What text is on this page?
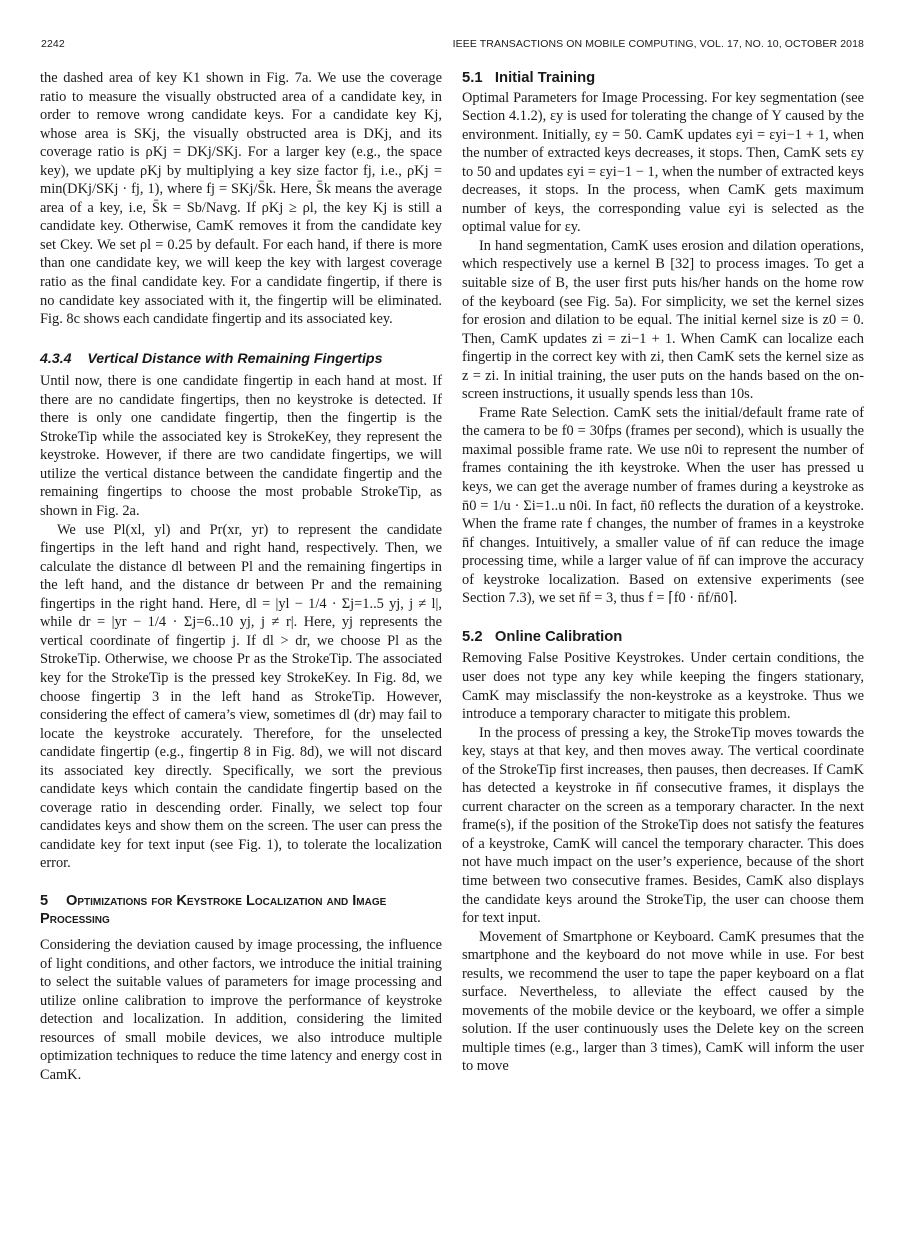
2242	IEEE TRANSACTIONS ON MOBILE COMPUTING, VOL. 17, NO. 10, OCTOBER 2018

the dashed area of key K1 shown in Fig. 7a. We use the coverage ratio to measure the visually obstructed area of a candidate key, in order to remove wrong candidate keys. For a candidate key Kj, whose area is SKj, the visually obstructed area is DKj, and its coverage ratio is ρKj = DKj/SKj. For a larger key (e.g., the space key), we update ρKj by multiplying a key size factor fj, i.e., ρKj = min(DKj/SKj · fj, 1), where fj = SKj/S̄k. Here, S̄k means the average area of a key, i.e, S̄k = Sb/Navg. If ρKj ≥ ρl, the key Kj is still a candidate key. Otherwise, CamK removes it from the candidate key set Ckey. We set ρl = 0.25 by default. For each hand, if there is more than one candidate key, we will keep the key with largest coverage ratio as the final candidate key. For a candidate fingertip, if there is no candidate key associated with it, the fingertip will be eliminated. Fig. 8c shows each candidate fingertip and its associated key.

4.3.4 Vertical Distance with Remaining Fingertips

Until now, there is one candidate fingertip in each hand at most. If there are no candidate fingertips, then no keystroke is detected. If there is only one candidate fingertip, then the fingertip is the StrokeTip while the associated key is StrokeKey, they represent the keystroke. However, if there are two candidate fingertips, we will utilize the vertical distance between the candidate fingertip and the remaining fingertips to choose the most probable StrokeTip, as shown in Fig. 2a.

We use Pl(xl, yl) and Pr(xr, yr) to represent the candidate fingertips in the left hand and right hand, respectively. Then, we calculate the distance dl between Pl and the remaining fingertips in the left hand, and the distance dr between Pr and the remaining fingertips in the right hand. Here, dl = |yl − 1/4 · Σj=1..5 yj, j ≠ l|, while dr = |yr − 1/4 · Σj=6..10 yj, j ≠ r|. Here, yj represents the vertical coordinate of fingertip j. If dl > dr, we choose Pl as the StrokeTip. Otherwise, we choose Pr as the StrokeTip. The associated key for the StrokeTip is the pressed key StrokeKey. In Fig. 8d, we choose fingertip 3 in the left hand as StrokeTip. However, considering the effect of camera’s view, sometimes dl (dr) may fail to locate the keystroke accurately. Therefore, for the unselected candidate fingertip (e.g., fingertip 8 in Fig. 8d), we will not discard its associated key directly. Specifically, we sort the previous candidate keys which contain the candidate fingertip based on the coverage ratio in descending order. Finally, we select top four candidates keys and show them on the screen. The user can press the candidate key for text input (see Fig. 1), to tolerate the localization error.

5 Optimizations for Keystroke Localization and Image Processing

Considering the deviation caused by image processing, the influence of light conditions, and other factors, we introduce the initial training to select the suitable values of parameters for image processing and utilize online calibration to improve the performance of keystroke detection and localization. In addition, considering the limited resources of small mobile devices, we also introduce multiple optimization techniques to reduce the time latency and energy cost in CamK.

5.1 Initial Training

Optimal Parameters for Image Processing. For key segmentation (see Section 4.1.2), εy is used for tolerating the change of Y caused by the environment. Initially, εy = 50. CamK updates εyi = εyi−1 + 1, when the number of extracted keys decreases, it stops. Then, CamK sets εy to 50 and updates εyi = εyi−1 − 1, when the number of extracted keys decreases, it stops. In the process, when CamK gets maximum number of keys, the corresponding value εyi is selected as the optimal value for εy.

In hand segmentation, CamK uses erosion and dilation operations, which respectively use a kernel B [32] to process images. To get a suitable size of B, the user first puts his/her hands on the home row of the keyboard (see Fig. 5a). For simplicity, we set the kernel sizes for erosion and dilation to be equal. The initial kernel size is z0 = 0. Then, CamK updates zi = zi−1 + 1. When CamK can localize each fingertip in the correct key with zi, then CamK sets the kernel size as z = zi. In initial training, the user puts on the hands based on the on-screen instructions, it usually spends less than 10s.

Frame Rate Selection. CamK sets the initial/default frame rate of the camera to be f0 = 30fps (frames per second), which is usually the maximal possible frame rate. We use n0i to represent the number of frames containing the ith keystroke. When the user has pressed u keys, we can get the average number of frames during a keystroke as n̄0 = 1/u · Σi=1..u n0i. In fact, n̄0 reflects the duration of a keystroke. When the frame rate f changes, the number of frames in a keystroke n̄f changes. Intuitively, a smaller value of n̄f can reduce the image processing time, while a larger value of n̄f can improve the accuracy of keystroke localization. Based on extensive experiments (see Section 7.3), we set n̄f = 3, thus f = ⌈f0 · n̄f/n̄0⌉.

5.2 Online Calibration

Removing False Positive Keystrokes. Under certain conditions, the user does not type any key while keeping the fingers stationary, CamK may misclassify the non-keystroke as a keystroke. Thus we introduce a temporary character to mitigate this problem.

In the process of pressing a key, the StrokeTip moves towards the key, stays at that key, and then moves away. The vertical coordinate of the StrokeTip first increases, then pauses, then decreases. If CamK has detected a keystroke in n̄f consecutive frames, it displays the current character on the screen as a temporary character. In the next frame(s), if the position of the StrokeTip does not satisfy the features of a keystroke, CamK will cancel the temporary character. This does not have much impact on the user’s experience, because of the short time between two consecutive frames. Besides, CamK also displays the candidate keys around the StrokeTip, the user can choose them for text input.

Movement of Smartphone or Keyboard. CamK presumes that the smartphone and the keyboard do not move while in use. For best results, we recommend the user to tape the paper keyboard on a flat surface. Nevertheless, to alleviate the effect caused by the movements of the mobile device or the keyboard, we offer a simple solution. If the user continuously uses the Delete key on the screen multiple times (e.g., larger than 3 times), CamK will inform the user to move
